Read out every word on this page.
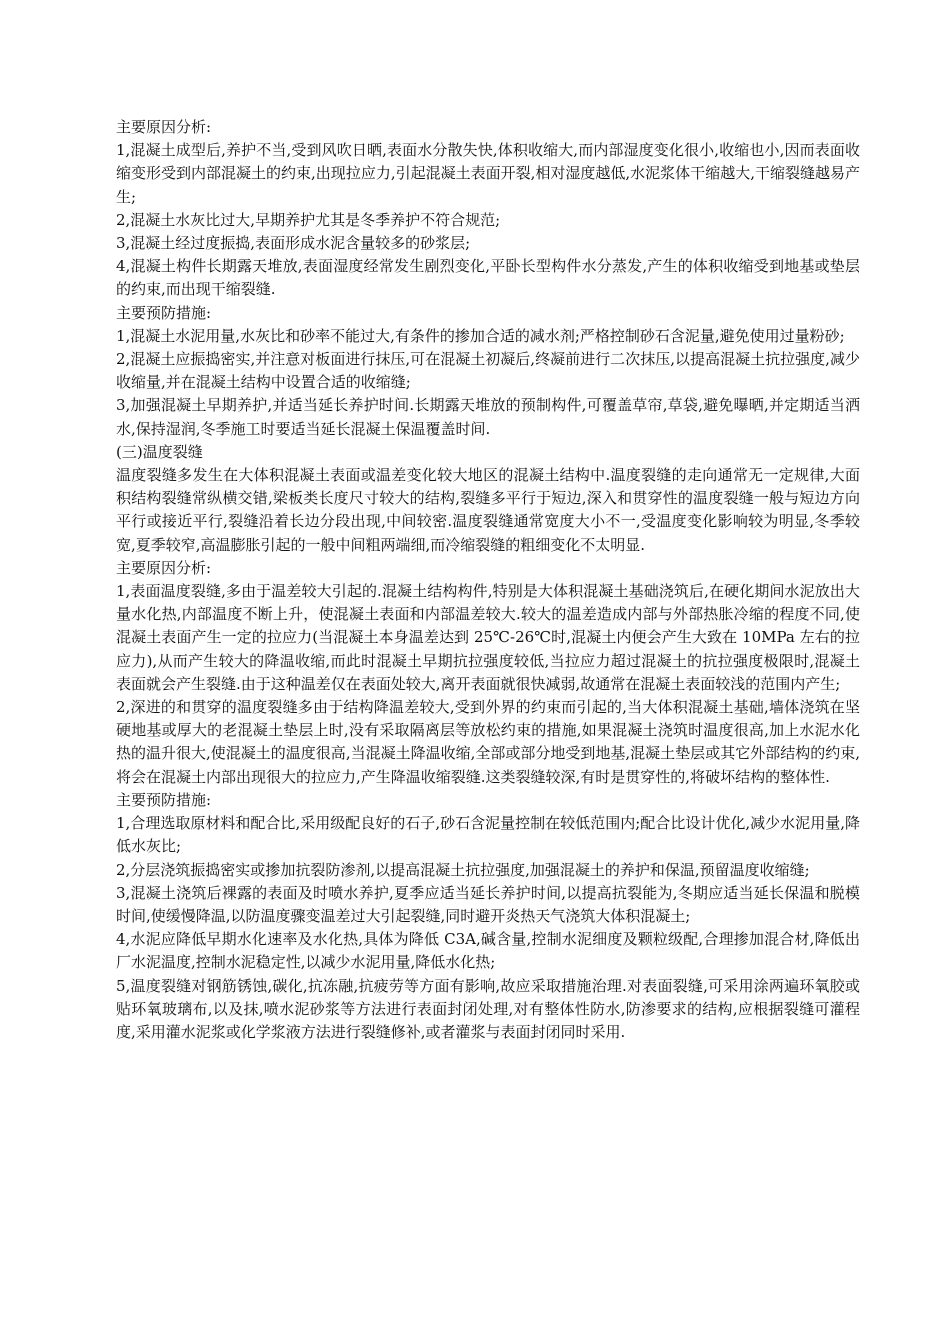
主要原因分析:

1,混凝土成型后,养护不当,受到风吹日晒,表面水分散失快,体积收缩大,而内部湿度变化很小,收缩也小,因而表面收缩变形受到内部混凝土的约束,出现拉应力,引起混凝土表面开裂,相对湿度越低,水泥浆体干缩越大,干缩裂缝越易产生;

2,混凝土水灰比过大,早期养护尤其是冬季养护不符合规范;

3,混凝土经过度振捣,表面形成水泥含量较多的砂浆层;

4,混凝土构件长期露天堆放,表面湿度经常发生剧烈变化,平卧长型构件水分蒸发,产生的体积收缩受到地基或垫层的约束,而出现干缩裂缝.

主要预防措施:

1,混凝土水泥用量,水灰比和砂率不能过大,有条件的掺加合适的减水剂;严格控制砂石含泥量,避免使用过量粉砂;

2,混凝土应振捣密实,并注意对板面进行抹压,可在混凝土初凝后,终凝前进行二次抹压,以提高混凝土抗拉强度,减少收缩量,并在混凝土结构中设置合适的收缩缝;

3,加强混凝土早期养护,并适当延长养护时间.长期露天堆放的预制构件,可覆盖草帘,草袋,避免曝晒,并定期适当洒水,保持湿润,冬季施工时要适当延长混凝土保温覆盖时间.

(三)温度裂缝

温度裂缝多发生在大体积混凝土表面或温差变化较大地区的混凝土结构中.温度裂缝的走向通常无一定规律,大面积结构裂缝常纵横交错,梁板类长度尺寸较大的结构,裂缝多平行于短边,深入和贯穿性的温度裂缝一般与短边方向平行或接近平行,裂缝沿着长边分段出现,中间较密.温度裂缝通常宽度大小不一,受温度变化影响较为明显,冬季较宽,夏季较窄,高温膨胀引起的一般中间粗两端细,而冷缩裂缝的粗细变化不太明显.

主要原因分析:

1,表面温度裂缝,多由于温差较大引起的.混凝土结构构件,特别是大体积混凝土基础浇筑后,在硬化期间水泥放出大量水化热,内部温度不断上升，使混凝土表面和内部温差较大.较大的温差造成内部与外部热胀冷缩的程度不同,使混凝土表面产生一定的拉应力(当混凝土本身温差达到 25℃-26℃时,混凝土内便会产生大致在 10MPa 左右的拉应力),从而产生较大的降温收缩,而此时混凝土早期抗拉强度较低,当拉应力超过混凝土的抗拉强度极限时,混凝土表面就会产生裂缝.由于这种温差仅在表面处较大,离开表面就很快减弱,故通常在混凝土表面较浅的范围内产生;

2,深进的和贯穿的温度裂缝多由于结构降温差较大,受到外界的约束而引起的,当大体积混凝土基础,墙体浇筑在坚硬地基或厚大的老混凝土垫层上时,没有采取隔离层等放松约束的措施,如果混凝土浇筑时温度很高,加上水泥水化热的温升很大,使混凝土的温度很高,当混凝土降温收缩,全部或部分地受到地基,混凝土垫层或其它外部结构的约束,将会在混凝土内部出现很大的拉应力,产生降温收缩裂缝.这类裂缝较深,有时是贯穿性的,将破坏结构的整体性.

主要预防措施:

1,合理选取原材料和配合比,采用级配良好的石子,砂石含泥量控制在较低范围内;配合比设计优化,减少水泥用量,降低水灰比;

2,分层浇筑振捣密实或掺加抗裂防渗剂,以提高混凝土抗拉强度,加强混凝土的养护和保温,预留温度收缩缝;

3,混凝土浇筑后裸露的表面及时喷水养护,夏季应适当延长养护时间,以提高抗裂能为,冬期应适当延长保温和脱模时间,使缓慢降温,以防温度骤变温差过大引起裂缝,同时避开炎热天气浇筑大体积混凝土;

4,水泥应降低早期水化速率及水化热,具体为降低 C3A,碱含量,控制水泥细度及颗粒级配,合理掺加混合材,降低出厂水泥温度,控制水泥稳定性,以减少水泥用量,降低水化热;

5,温度裂缝对钢筋锈蚀,碳化,抗冻融,抗疲劳等方面有影响,故应采取措施治理.对表面裂缝,可采用涂两遍环氧胶或贴环氧玻璃布,以及抹,喷水泥砂浆等方法进行表面封闭处理,对有整体性防水,防渗要求的结构,应根据裂缝可灌程度,采用灌水泥浆或化学浆液方法进行裂缝修补,或者灌浆与表面封闭同时采用.
